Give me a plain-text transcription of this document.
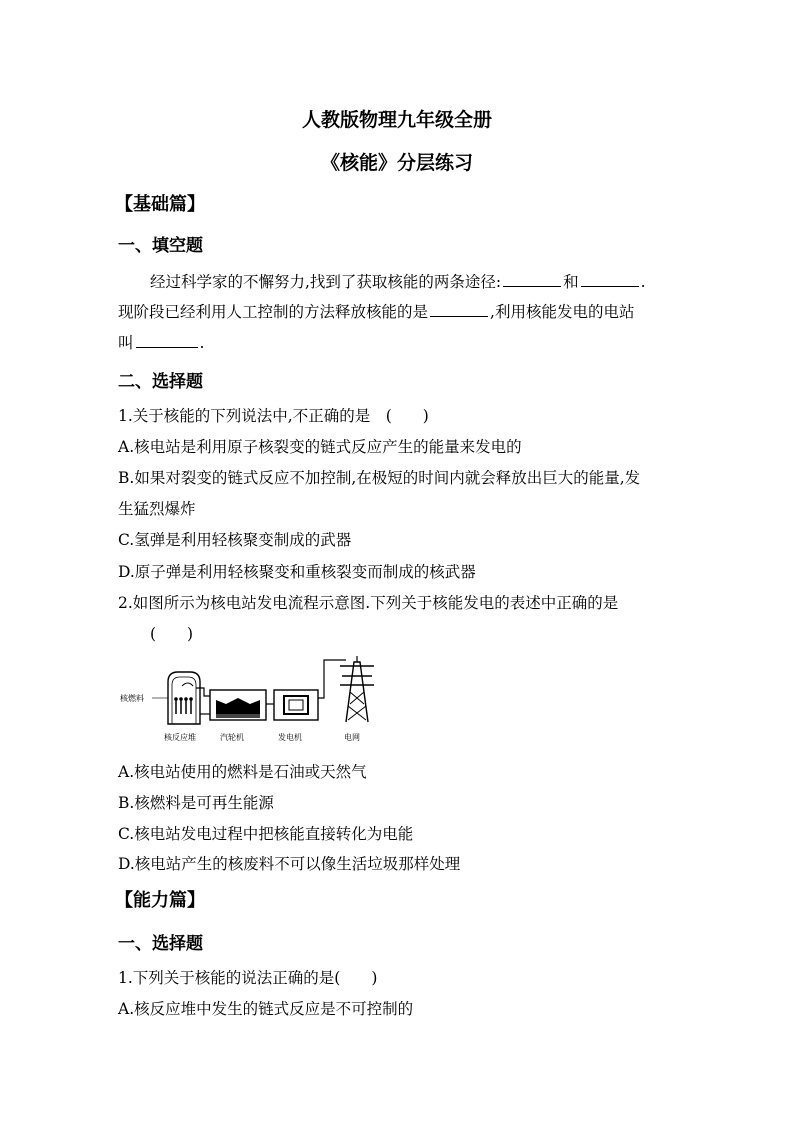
人教版物理九年级全册
《核能》分层练习
【基础篇】
一、填空题
经过科学家的不懈努力,找到了获取核能的两条途径:	和	.
现阶段已经利用人工控制的方法释放核能的是	,利用核能发电的电站
叫	.
二、选择题
1.关于核能的下列说法中,不正确的是　(　　)
A.核电站是利用原子核裂变的链式反应产生的能量来发电的
B.如果对裂变的链式反应不加控制,在极短的时间内就会释放出巨大的能量,发
生猛烈爆炸
C.氢弹是利用轻核聚变制成的武器
D.原子弹是利用轻核聚变和重核裂变而制成的核武器
2.如图所示为核电站发电流程示意图.下列关于核能发电的表述中正确的是
(　　)
核燃料
核反应堆	汽轮机	发电机	电网
A.核电站使用的燃料是石油或天然气
B.核燃料是可再生能源
C.核电站发电过程中把核能直接转化为电能
D.核电站产生的核废料不可以像生活垃圾那样处理
【能力篇】
一、选择题
1.下列关于核能的说法正确的是(　　)
A.核反应堆中发生的链式反应是不可控制的
